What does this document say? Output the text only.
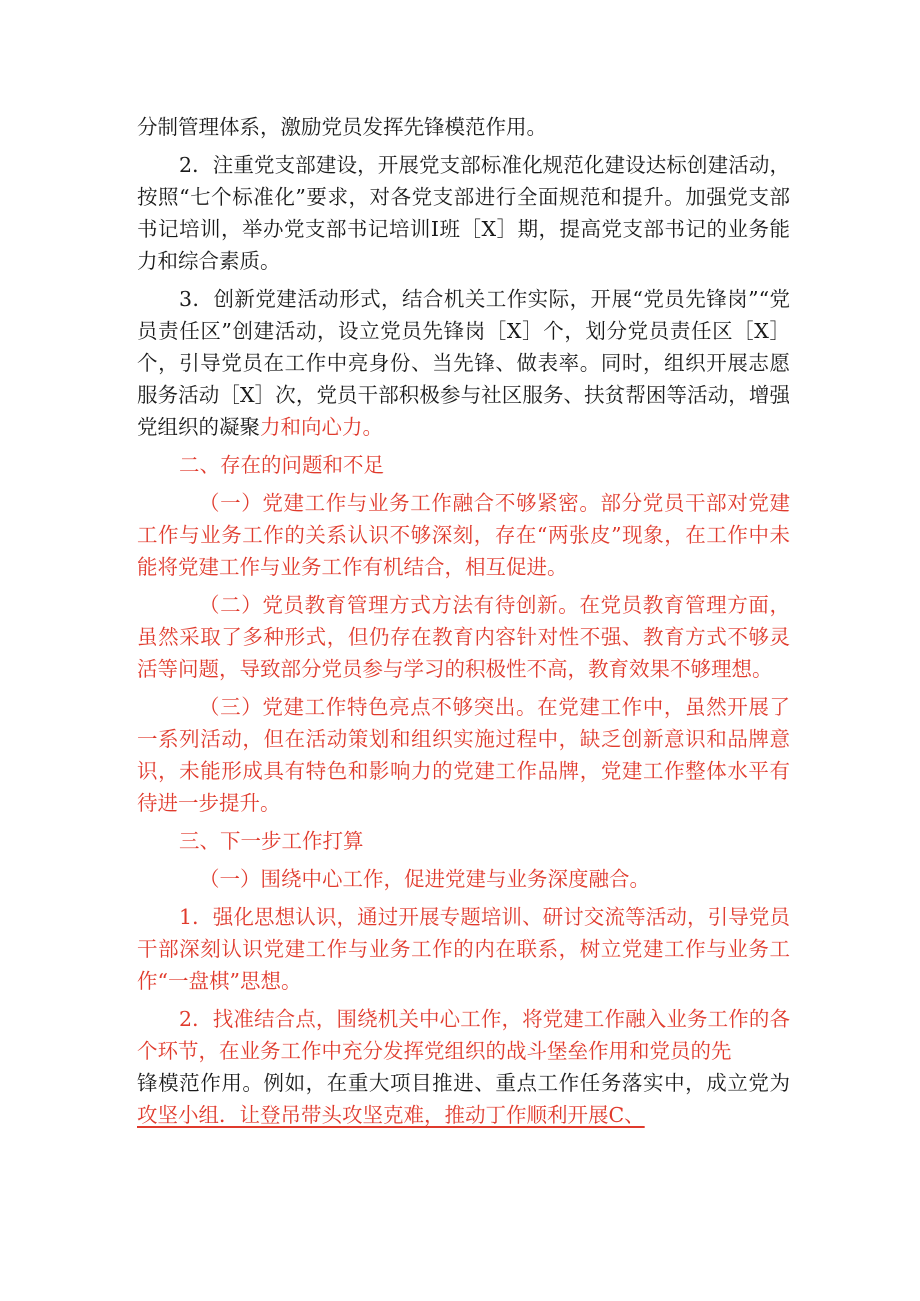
分制管理体系，激励党员发挥先锋模范作用。

2．注重党支部建设，开展党支部标准化规范化建设达标创建活动，按照“七个标准化”要求，对各党支部进行全面规范和提升。加强党支部书记培训，举办党支部书记培训I班［X］期，提高党支部书记的业务能力和综合素质。

3．创新党建活动形式，结合机关工作实际，开展“党员先锋岗”“党员责任区”创建活动，设立党员先锋岗［X］个，划分党员责任区［X］个，引导党员在工作中亮身份、当先锋、做表率。同时，组织开展志愿服务活动［X］次，党员干部积极参与社区服务、扶贫帮困等活动，增强党组织的凝聚力和向心力。

二、存在的问题和不足

（一）党建工作与业务工作融合不够紧密。部分党员干部对党建工作与业务工作的关系认识不够深刻，存在“两张皮”现象，在工作中未能将党建工作与业务工作有机结合，相互促进。

（二）党员教育管理方式方法有待创新。在党员教育管理方面，虽然采取了多种形式，但仍存在教育内容针对性不强、教育方式不够灵活等问题，导致部分党员参与学习的积极性不高，教育效果不够理想。

（三）党建工作特色亮点不够突出。在党建工作中，虽然开展了一系列活动，但在活动策划和组织实施过程中，缺乏创新意识和品牌意识，未能形成具有特色和影响力的党建工作品牌，党建工作整体水平有待进一步提升。

三、下一步工作打算

（一）围绕中心工作，促进党建与业务深度融合。

1．强化思想认识，通过开展专题培训、研讨交流等活动，引导党员干部深刻认识党建工作与业务工作的内在联系，树立党建工作与业务工作“一盘棋”思想。

2．找准结合点，围绕机关中心工作，将党建工作融入业务工作的各个环节，在业务工作中充分发挥党组织的战斗堡垒作用和党员的先

锋模范作用。例如，在重大项目推进、重点工作任务落实中，成立党为攻坚小组．让登吊带头攻坚克难，推动丁作顺利开展C、
